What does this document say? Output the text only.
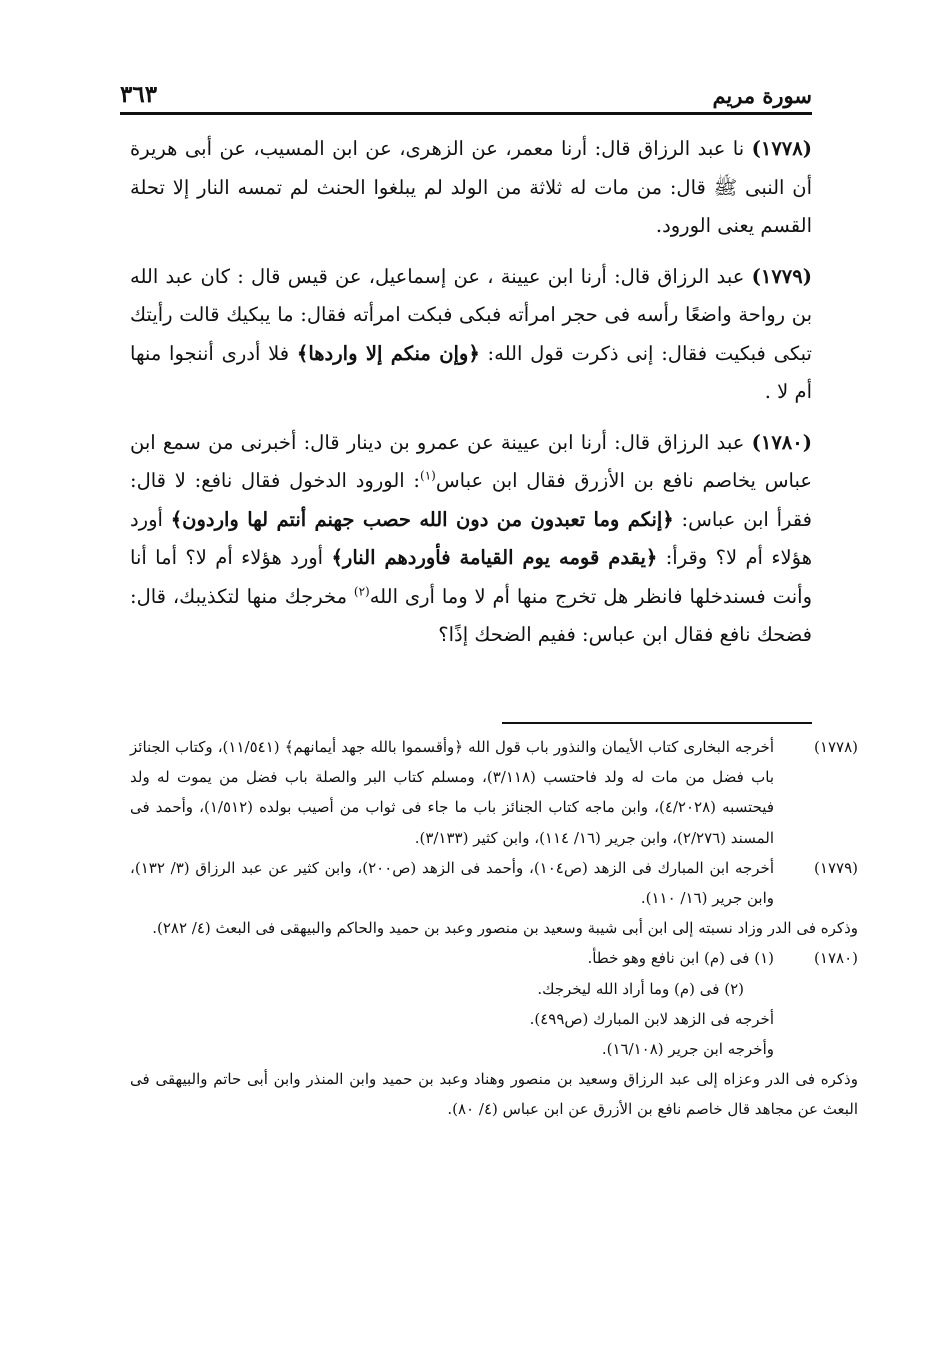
سورة مريم
٣٦٣

(١٧٧٨) نا عبد الرزاق قال: أرنا معمر، عن الزهرى، عن ابن المسيب، عن أبى هريرة أن النبى ﷺ قال: من مات له ثلاثة من الولد لم يبلغوا الحنث لم تمسه النار إلا تحلة القسم يعنى الورود.

(١٧٧٩) عبد الرزاق قال: أرنا ابن عيينة ، عن إسماعيل، عن قيس قال : كان عبد الله بن رواحة واضعًا رأسه فى حجر امرأته فبكى فبكت امرأته فقال: ما يبكيك قالت رأيتك تبكى فبكيت فقال: إنى ذكرت قول الله: ﴿وإن منكم إلا واردها﴾ فلا أدرى أننجوا منها أم لا .

(١٧٨٠) عبد الرزاق قال: أرنا ابن عيينة عن عمرو بن دينار قال: أخبرنى من سمع ابن عباس يخاصم نافع بن الأزرق فقال ابن عباس$^{(١)}$: الورود الدخول فقال نافع: لا قال: فقرأ ابن عباس: ﴿إنكم وما تعبدون من دون الله حصب جهنم أنتم لها واردون﴾ أورد هؤلاء أم لا؟ وقرأ: ﴿يقدم قومه يوم القيامة فأوردهم النار﴾ أورد هؤلاء أم لا؟ أما أنا وأنت فسندخلها فانظر هل تخرج منها أم لا وما أرى الله$^{(٢)}$ مخرجك منها لتكذيبك، قال: فضحك نافع فقال ابن عباس: ففيم الضحك إذًا؟

(١٧٧٨)

أخرجه البخارى كتاب الأيمان والنذور باب قول الله ﴿وأقسموا بالله جهد أيمانهم﴾ (١١/٥٤١)، وكتاب الجنائز باب فضل من مات له ولد فاحتسب (٣/١١٨)، ومسلم كتاب البر والصلة باب فضل من يموت له ولد فيحتسبه (٤/٢٠٢٨)، وابن ماجه كتاب الجنائز باب ما جاء فى ثواب من أصيب بولده (١/٥١٢)، وأحمد فى المسند (٢/٢٧٦)، وابن جرير (١٦/ ١١٤)، وابن كثير (٣/١٣٣).

(١٧٧٩)

أخرجه ابن المبارك فى الزهد (ص١٠٤)، وأحمد فى الزهد (ص٢٠٠)، وابن كثير عن عبد الرزاق (٣/ ١٣٢)، وابن جرير (١٦/ ١١٠).

وذكره فى الدر وزاد نسبته إلى ابن أبى شيبة وسعيد بن منصور وعبد بن حميد والحاكم والبيهقى فى البعث (٤/ ٢٨٢).

(١٧٨٠)

(١) فى (م) ابن نافع وهو خطأ.

(٢) فى (م) وما أراد الله ليخرجك.

أخرجه فى الزهد لابن المبارك (ص٤٩٩).

وأخرجه ابن جرير (١٦/١٠٨).

وذكره فى الدر وعزاه إلى عبد الرزاق وسعيد بن منصور وهناد وعبد بن حميد وابن المنذر وابن أبى حاتم والبيهقى فى البعث عن مجاهد قال خاصم نافع بن الأزرق عن ابن عباس (٤/ ٨٠).
